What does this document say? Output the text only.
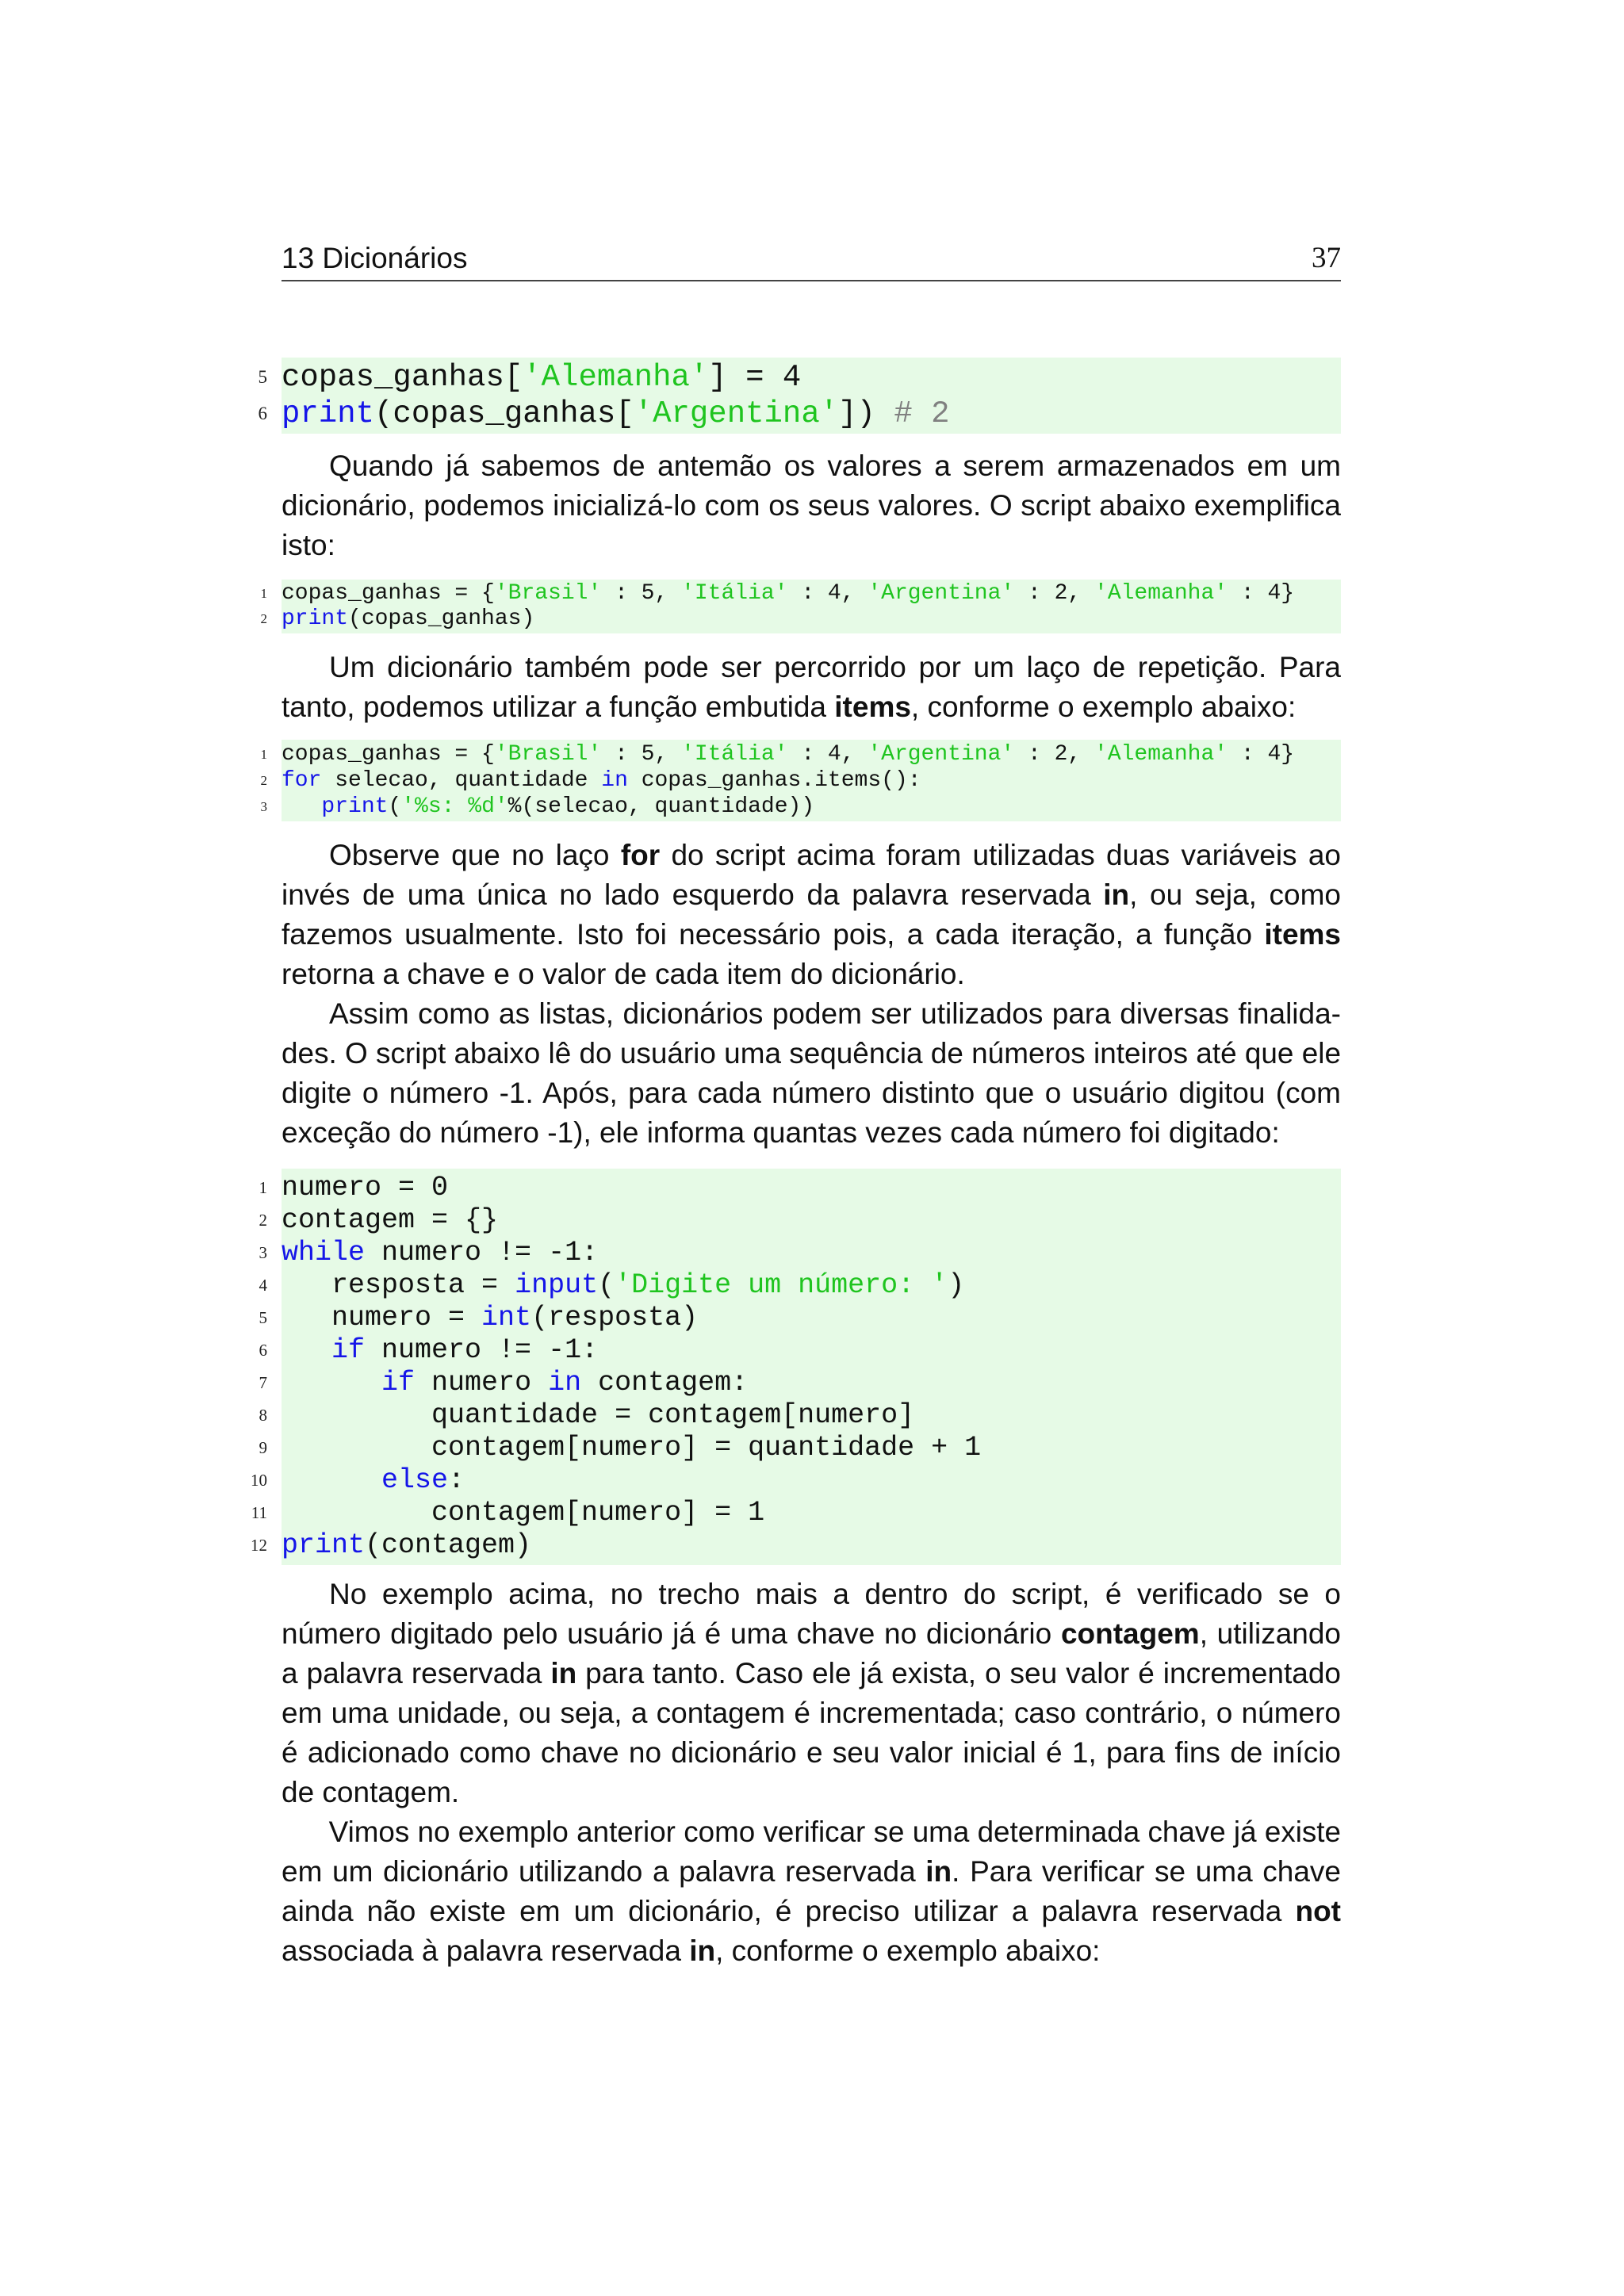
13 Dicionários	37
5 copas_ganhas['Alemanha'] = 4
6 print(copas_ganhas['Argentina']) # 2
Quando já sabemos de antemão os valores a serem armazenados em um
dicionário, podemos inicializá-lo com os seus valores. O script abaixo exemplifica
isto:
1 copas_ganhas = {'Brasil' : 5, 'Itália' : 4, 'Argentina' : 2, 'Alemanha' : 4}
2 print(copas_ganhas)
Um dicionário também pode ser percorrido por um laço de repetição. Para
tanto, podemos utilizar a função embutida items, conforme o exemplo abaixo:
1 copas_ganhas = {'Brasil' : 5, 'Itália' : 4, 'Argentina' : 2, 'Alemanha' : 4}
2 for selecao, quantidade in copas_ganhas.items():
3 print('%s: %d'%(selecao, quantidade))
Observe que no laço for do script acima foram utilizadas duas variáveis ao
invés de uma única no lado esquerdo da palavra reservada in, ou seja, como
fazemos usualmente. Isto foi necessário pois, a cada iteração, a função items
retorna a chave e o valor de cada item do dicionário.
Assim como as listas, dicionários podem ser utilizados para diversas finalida-
des. O script abaixo lê do usuário uma sequência de números inteiros até que ele
digite o número -1. Após, para cada número distinto que o usuário digitou (com
exceção do número -1), ele informa quantas vezes cada número foi digitado:
1 numero = 0
2 contagem = {}
3 while numero != -1:
4 resposta = input('Digite um número: ')
5 numero = int(resposta)
6 if numero != -1:
7	if numero in contagem:
8 quantidade = contagem[numero]
9 contagem[numero] = quantidade + 1
10	else:
11 contagem[numero] = 1
12 print(contagem)
No exemplo acima, no trecho mais a dentro do script, é verificado se o
número digitado pelo usuário já é uma chave no dicionário contagem, utilizando
a palavra reservada in para tanto. Caso ele já exista, o seu valor é incrementado
em uma unidade, ou seja, a contagem é incrementada; caso contrário, o número
é adicionado como chave no dicionário e seu valor inicial é 1, para fins de início
de contagem.
Vimos no exemplo anterior como verificar se uma determinada chave já existe
em um dicionário utilizando a palavra reservada in. Para verificar se uma chave
ainda não existe em um dicionário, é preciso utilizar a palavra reservada not
associada à palavra reservada in, conforme o exemplo abaixo:
